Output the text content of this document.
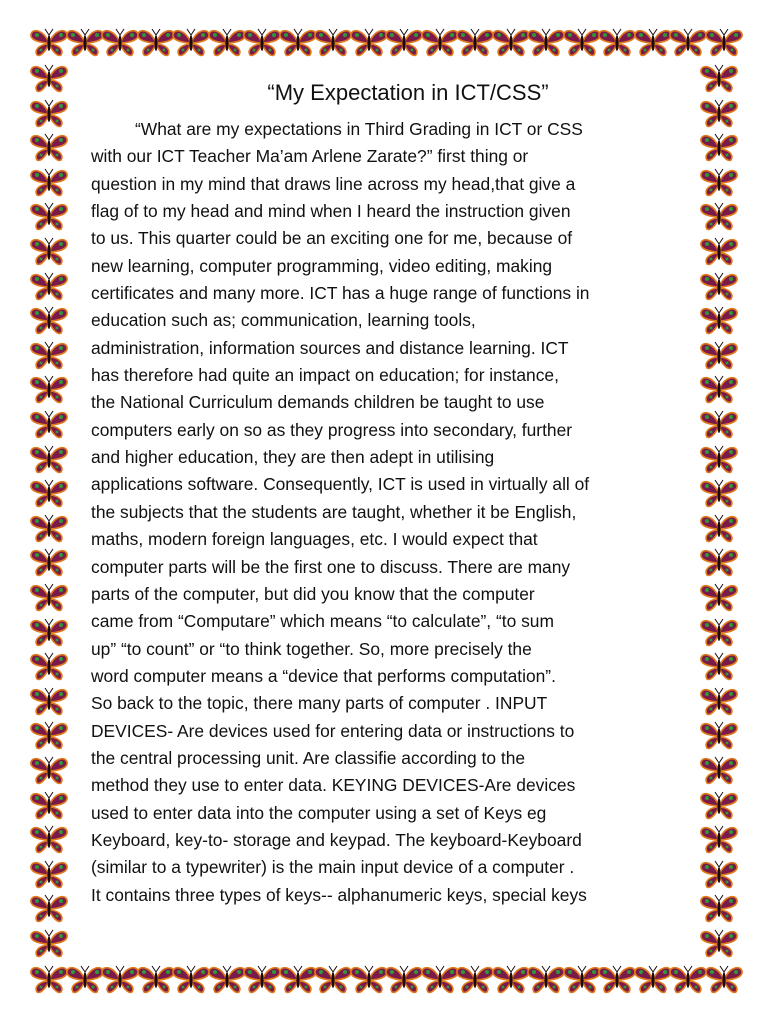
“My Expectation in ICT/CSS”
“What are my expectations in Third Grading in ICT or CSS
with our ICT Teacher Ma’am Arlene Zarate?” first thing or
question in my mind that draws line across my head,that give a
flag of to my head and mind when I heard the instruction given
to us. This quarter could be an exciting one for me, because of
new learning, computer programming, video editing, making
certificates and many more. ICT has a huge range of functions in
education such as; communication, learning tools,
administration, information sources and distance learning. ICT
has therefore had quite an impact on education; for instance,
the National Curriculum demands children be taught to use
computers early on so as they progress into secondary, further
and higher education, they are then adept in utilising
applications software. Consequently, ICT is used in virtually all of
the subjects that the students are taught, whether it be English,
maths, modern foreign languages, etc. I would expect that
computer parts will be the first one to discuss. There are many
parts of the computer, but did you know that the computer
came from “Computare” which means “to calculate”, “to sum
up” “to count” or “to think together. So, more precisely the
word computer means a “device that performs computation”.
So back to the topic, there many parts of computer . INPUT
DEVICES- Are devices used for entering data or instructions to
the central processing unit. Are classifie according to the
method they use to enter data. KEYING DEVICES-Are devices
used to enter data into the computer using a set of Keys eg
Keyboard, key-to- storage and keypad. The keyboard-Keyboard
(similar to a typewriter) is the main input device of a computer .
It contains three types of keys-- alphanumeric keys, special keys
